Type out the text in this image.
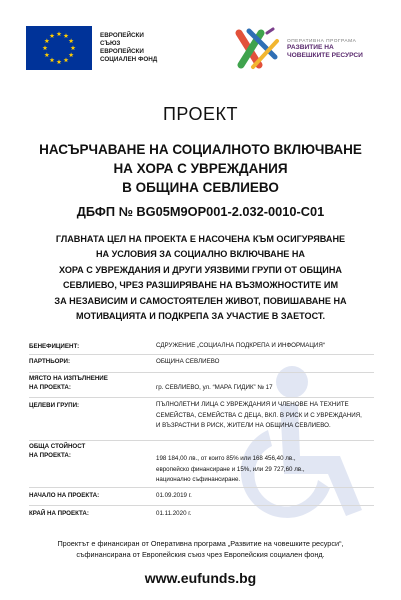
ЕВРОПЕЙСКИ
СЪЮЗ
ЕВРОПЕЙСКИ
СОЦИАЛЕН ФОНД
ОПЕРАТИВНА ПРОГРАМА
РАЗВИТИЕ НА
ЧОВЕШКИТЕ РЕСУРСИ
ПРОЕКТ
НАСЪРЧАВАНЕ НА СОЦИАЛНОТО ВКЛЮЧВАНЕ
НА ХОРА С УВРЕЖДАНИЯ
В ОБЩИНА СЕВЛИЕВО
ДБФП № BG05M9OP001-2.032-0010-C01
ГЛАВНАТА ЦЕЛ НА ПРОЕКТА Е НАСОЧЕНА КЪМ ОСИГУРЯВАНЕ
НА УСЛОВИЯ ЗА СОЦИАЛНО ВКЛЮЧВАНЕ НА
ХОРА С УВРЕЖДАНИЯ И ДРУГИ УЯЗВИМИ ГРУПИ ОТ ОБЩИНА
СЕВЛИЕВО, ЧРЕЗ РАЗШИРЯВАНЕ НА ВЪЗМОЖНОСТИТЕ ИМ
ЗА НЕЗАВИСИМ И САМОСТОЯТЕЛЕН ЖИВОТ, ПОВИШАВАНЕ НА
МОТИВАЦИЯТА И ПОДКРЕПА ЗА УЧАСТИЕ В ЗАЕТОСТ.
БЕНЕФИЦИЕНТ:	СДРУЖЕНИЕ „СОЦИАЛНА ПОДКРЕПА И ИНФОРМАЦИЯ“
ПАРТНЬОРИ:	ОБЩИНА СЕВЛИЕВО
МЯСТО НА ИЗПЪЛНЕНИЕ
НА ПРОЕКТА:	гр. СЕВЛИЕВО, ул. “МАРА ГИДИК” № 17
ЦЕЛЕВИ ГРУПИ:	ПЪЛНОЛЕТНИ ЛИЦА С УВРЕЖДАНИЯ И ЧЛЕНОВЕ НА ТЕХНИТЕ
СЕМЕЙСТВА, СЕМЕЙСТВА С ДЕЦА, ВКЛ. В РИСК И С УВРЕЖДАНИЯ,
И ВЪЗРАСТНИ В РИСК, ЖИТЕЛИ НА ОБЩИНА СЕВЛИЕВО.
ОБЩА СТОЙНОСТ
НА ПРОЕКТА:	198 184,00 лв., от които 85% или 168 456,40 лв.,
европейско финансиране и 15%, или 29 727,60 лв.,
национално съфинансиране.
НАЧАЛО НА ПРОЕКТА:	01.09.2019 г.
КРАЙ НА ПРОЕКТА:	01.11.2020 г.
Проектът е финансиран от Оперативна програма „Развитие на човешките ресурси“,
съфинансирана от Европейския съюз чрез Европейския социален фонд.
www.eufunds.bg
